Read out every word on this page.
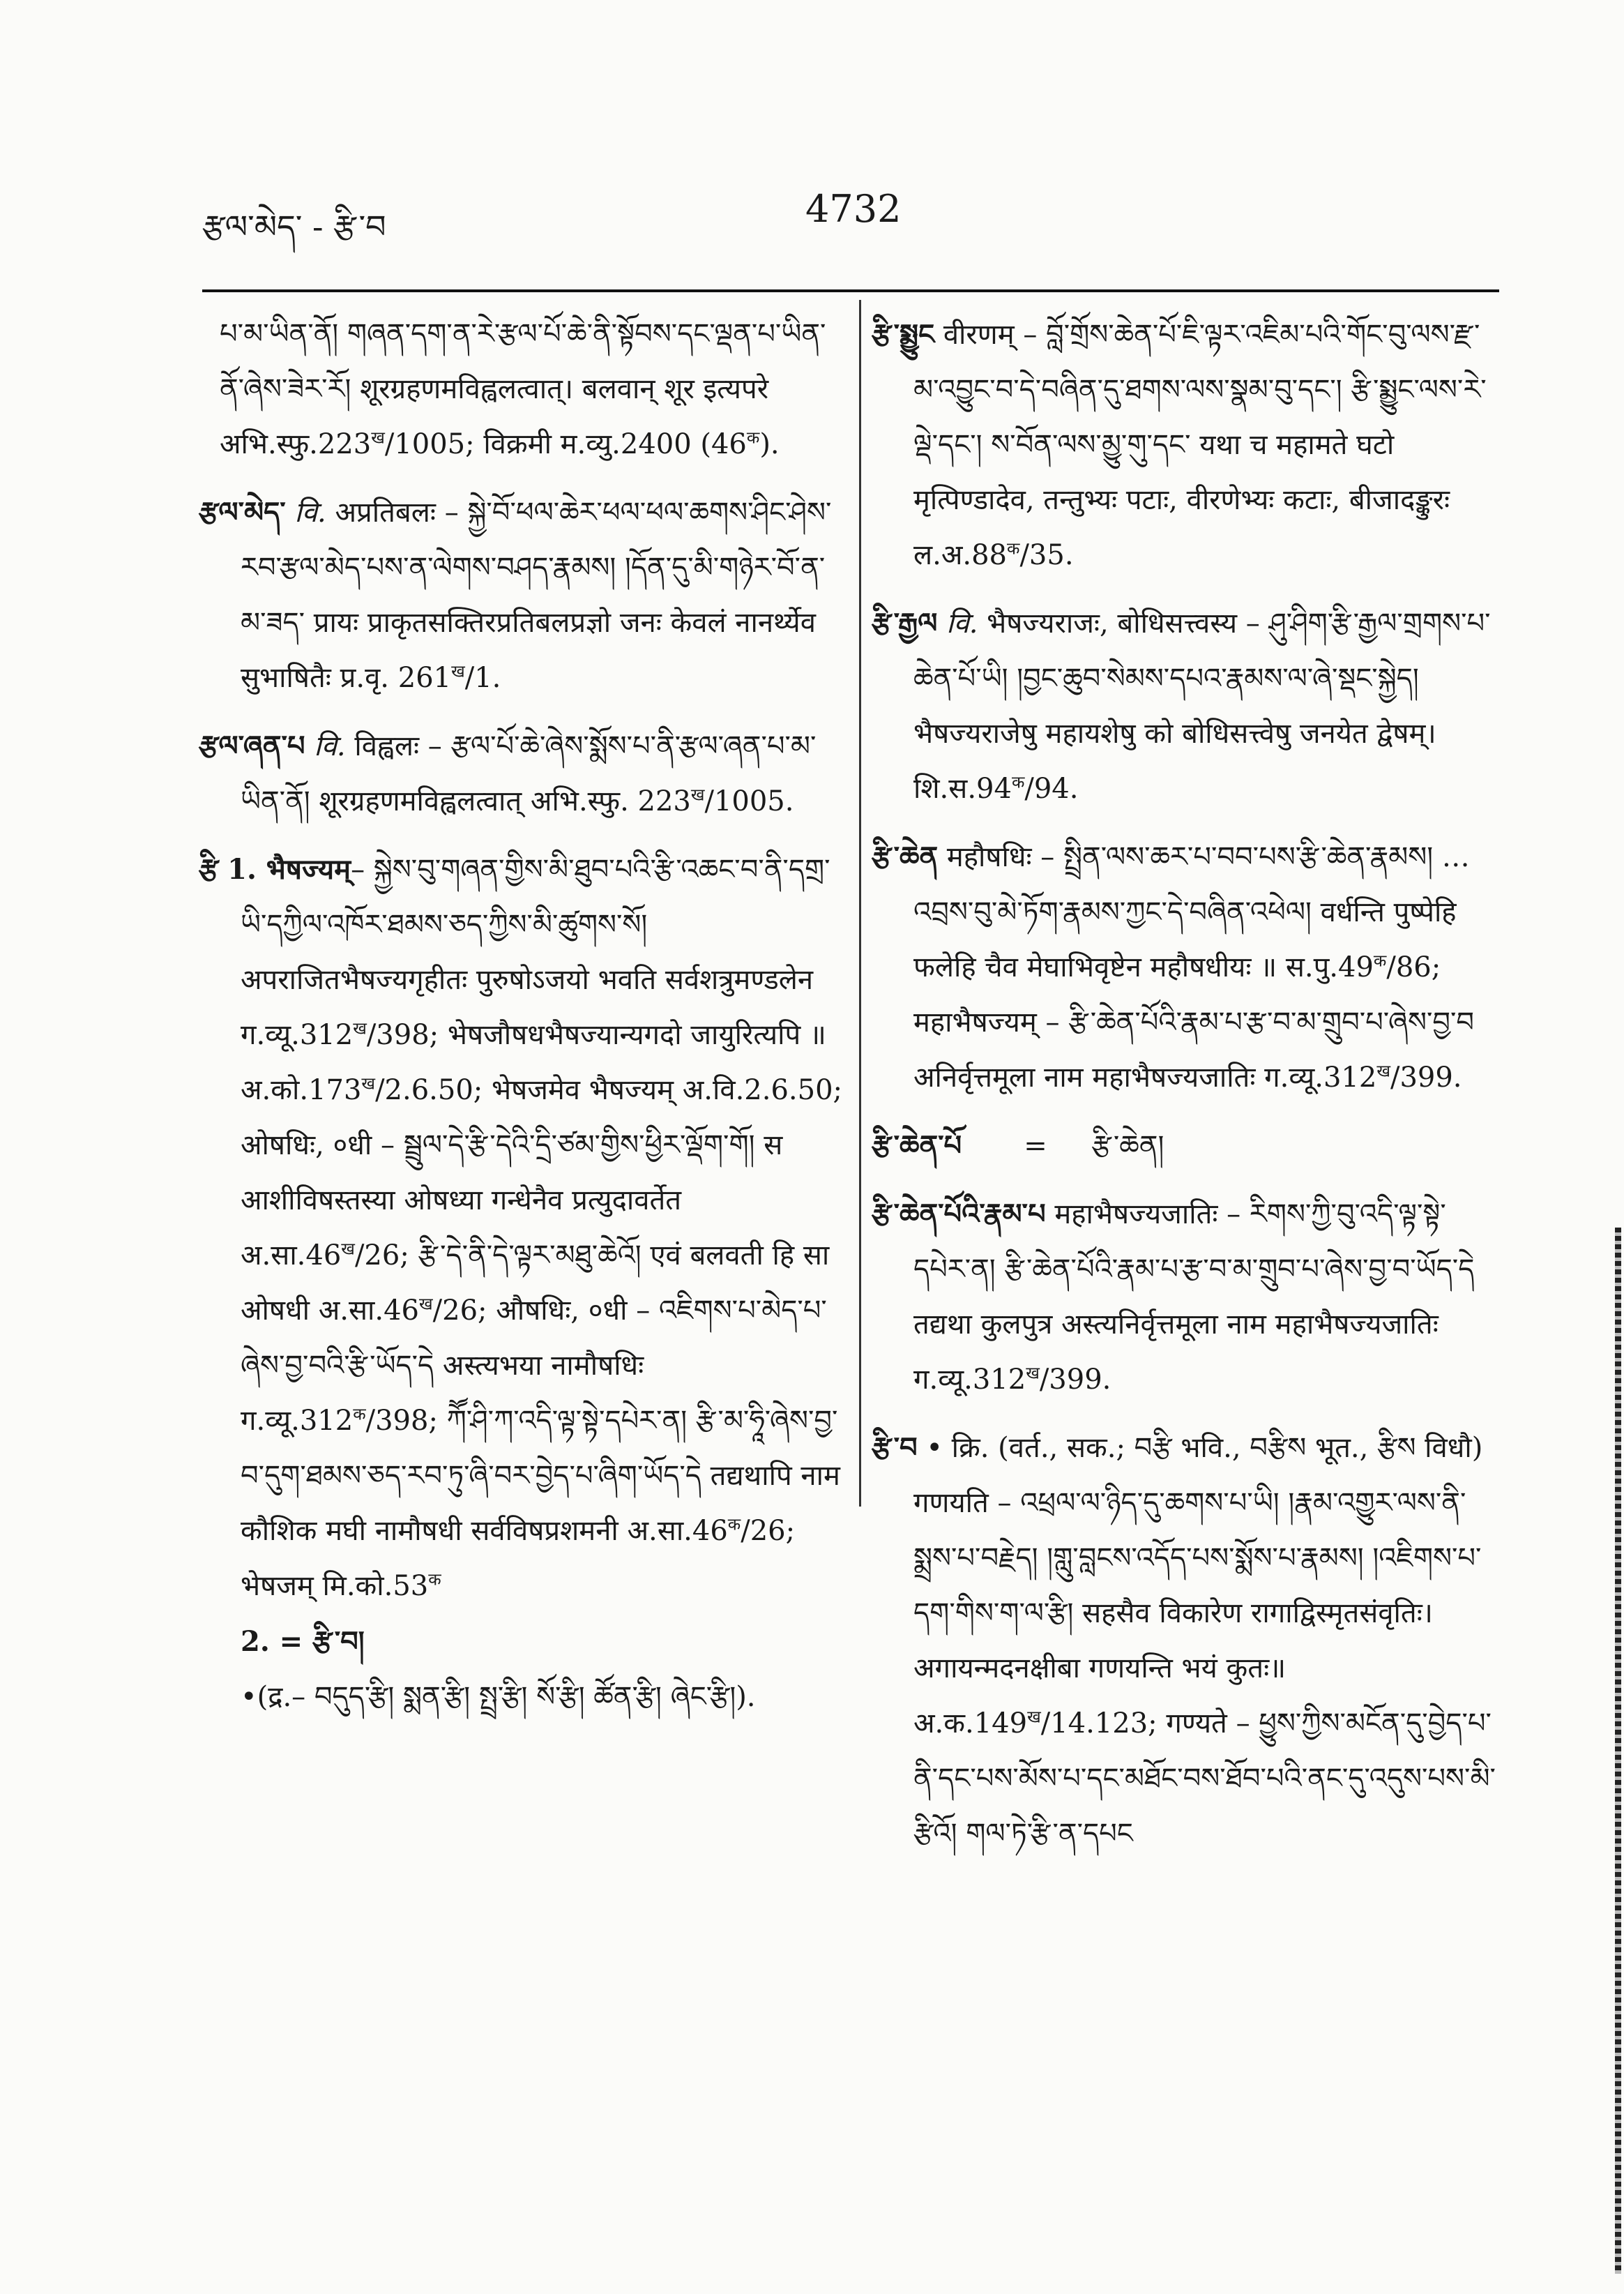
རྩལ་མེད་ - རྩི་བ	4732

པ་མ་ཡིན་ནོ། གཞན་དག་ན་རེ་རྩལ་པོ་ཆེ་ནི་སྟོབས་དང་ལྡན་པ་ཡིན་ནོ་ཞེས་ཟེར་རོ། शूरग्रहणमविह्वलत्वात्। बलवान् शूर इत्यपरे $अभि.स्फु.223^ख/1005$; विक्रमी म.व्यु.2400 $(46^क)$.

རྩལ་མེད་ वि. अप्रतिबलः – སྐྱེ་བོ་ཕལ་ཆེར་ཕལ་ཕལ་ཆགས་ཤིང་ཤེས་རབ་རྩལ་མེད་པས་ན་ལེགས་བཤད་རྣམས། །དོན་དུ་མི་གཉེར་བོ་ན་མ་ཟད་ प्रायः प्राकृतसक्तिरप्रतिबलप्रज्ञो जनः केवलं नानर्थ्येव सुभाषितैः प्र.वृ. $261^ख/1$.

རྩལ་ཞན་པ वि. विह्वलः – རྩལ་པོ་ཆེ་ཞེས་སྨོས་པ་ནི་རྩལ་ཞན་པ་མ་ཡིན་ནོ། शूरग्रहणमविह्वलत्वात् अभि.स्फु. $223^ख/1005$.

རྩི 1. भैषज्यम्– སྐྱེས་བུ་གཞན་གྱིས་མི་ཐུབ་པའི་རྩི་འཆང་བ་ནི་དགྲ་ཡི་དཀྱིལ་འཁོར་ཐམས་ཅད་ཀྱིས་མི་ཚུགས་སོ། अपराजितभैषज्यगृहीतः पुरुषोऽजयो भवति सर्वशत्रुमण्डलेन $ग.व्यू.312^ख/398$; भेषजौषधभैषज्यान्यगदो जायुरित्यपि ॥ $अ.को.173^ख/2.6.50$; भेषजमेव भैषज्यम् अ.वि.2.6.50; ओषधिः, ०धी – སྦྲུལ་དེ་རྩི་དེའི་དྲི་ཙམ་གྱིས་ཕྱིར་ལྡོག་གོ། स आशीविषस्तस्या ओषध्या गन्धेनैव प्रत्युदावर्तेत $अ.सा.46^ख/26$; རྩི་དེ་ནི་དེ་ལྟར་མཐུ་ཆེའོ། एवं बलवती हि सा ओषधी $अ.सा.46^ख/26$; औषधिः, ०धी – འཇིགས་པ་མེད་པ་ཞེས་བྱ་བའི་རྩི་ཡོད་དེ अस्त्यभया नामौषधिः $ग.व्यू.312^क/398$; ཀཽ་ཤི་ཀ་འདི་ལྟ་སྟེ་དཔེར་ན། རྩི་མ་ཧཱི་ཞེས་བྱ་བ་དུག་ཐམས་ཅད་རབ་ཏུ་ཞི་བར་བྱེད་པ་ཞིག་ཡོད་དེ तद्यथापि नाम कौशिक मघी नामौषधी सर्वविषप्रशमनी $अ.सा.46^क/26$; भेषजम् $मि.को.53^क$
2. = རྩི་བ།
•(द्र.– བདུད་རྩི། སྨན་རྩི། སྤྲ་རྩི། སོ་རྩི། ཚོན་རྩི། ཞེང་རྩི།).

རྩི་སྨྱུང वीरणम् – བློ་གྲོས་ཆེན་པོ་ཇི་ལྟར་འཇིམ་པའི་གོང་བུ་ལས་རྫ་མ་འབྱུང་བ་དེ་བཞིན་དུ་ཐགས་ལས་སྣམ་བུ་དང་། རྩི་སྨྱུང་ལས་རེ་ལྡེ་དང་། ས་བོན་ལས་མྱུ་གུ་དང་ यथा च महामते घटो मृत्पिण्डादेव, तन्तुभ्यः पटाः, वीरणेभ्यः कटाः, बीजादङ्कुरः $ल.अ.88^क/35$.

རྩི་རྒྱལ वि. भैषज्यराजः, बोधिसत्त्वस्य – ཤུ་ཤིག་རྩི་རྒྱལ་གྲགས་པ་ཆེན་པོ་ཡི། །བྱང་ཆུབ་སེམས་དཔའ་རྣམས་ལ་ཞེ་སྡང་སྐྱེད། भैषज्यराजेषु महायशेषु को बोधिसत्त्वेषु जनयेत द्वेषम्। $शि.स.94^क/94$.

རྩི་ཆེན महौषधिः – སྤྲིན་ལས་ཆར་པ་བབ་པས་རྩི་ཆེན་རྣམས། …འབྲས་བུ་མེ་ཏོག་རྣམས་ཀྱང་དེ་བཞིན་འཕེལ། वर्धन्ति पुष्पेहि फलेहि चैव मेघाभिवृष्टेन महौषधीयः ॥ $स.पु.49^क/86$; महाभैषज्यम् – རྩི་ཆེན་པོའི་རྣམ་པ་རྩ་བ་མ་གྲུབ་པ་ཞེས་བྱ་བ अनिर्वृत्तमूला नाम महाभैषज्यजातिः $ग.व्यू.312^ख/399$.

རྩི་ཆེན་པོ = རྩི་ཆེན།

རྩི་ཆེན་པོའི་རྣམ་པ महाभैषज्यजातिः – རིགས་ཀྱི་བུ་འདི་ལྟ་སྟེ་དཔེར་ན། རྩི་ཆེན་པོའི་རྣམ་པ་རྩ་བ་མ་གྲུབ་པ་ཞེས་བྱ་བ་ཡོད་དེ तद्यथा कुलपुत्र अस्त्यनिर्वृत्तमूला नाम महाभैषज्यजातिः $ग.व्यू.312^ख/399$.

རྩི་བ • क्रि. (वर्त., सक.; བརྩི भवि., བརྩིས भूत., རྩིས विधौ) गणयति – འཕྲལ་ལ་ཉིད་དུ་ཆགས་པ་ཡི། །རྣམ་འགྱུར་ལས་ནི་སྨྲས་པ་བརྗེད། །གླུ་བླངས་འདོད་པས་སྨོས་པ་རྣམས། །འཇིགས་པ་དག་གིས་ག་ལ་རྩི། सहसैव विकारेण रागाद्विस्मृतसंवृतिः। अगायन्मदनक्षीबा गणयन्ति भयं कुतः॥ $अ.क.149^ख/14.123$; गण्यते – ཕྱུས་ཀྱིས་མངོན་དུ་བྱེད་པ་ནི་དང་པས་མོས་པ་དང་མཐོང་བས་ཐོབ་པའི་ནང་དུ་འདུས་པས་མི་རྩིའོ། གལ་ཏེ་རྩི་ན་དཔང
